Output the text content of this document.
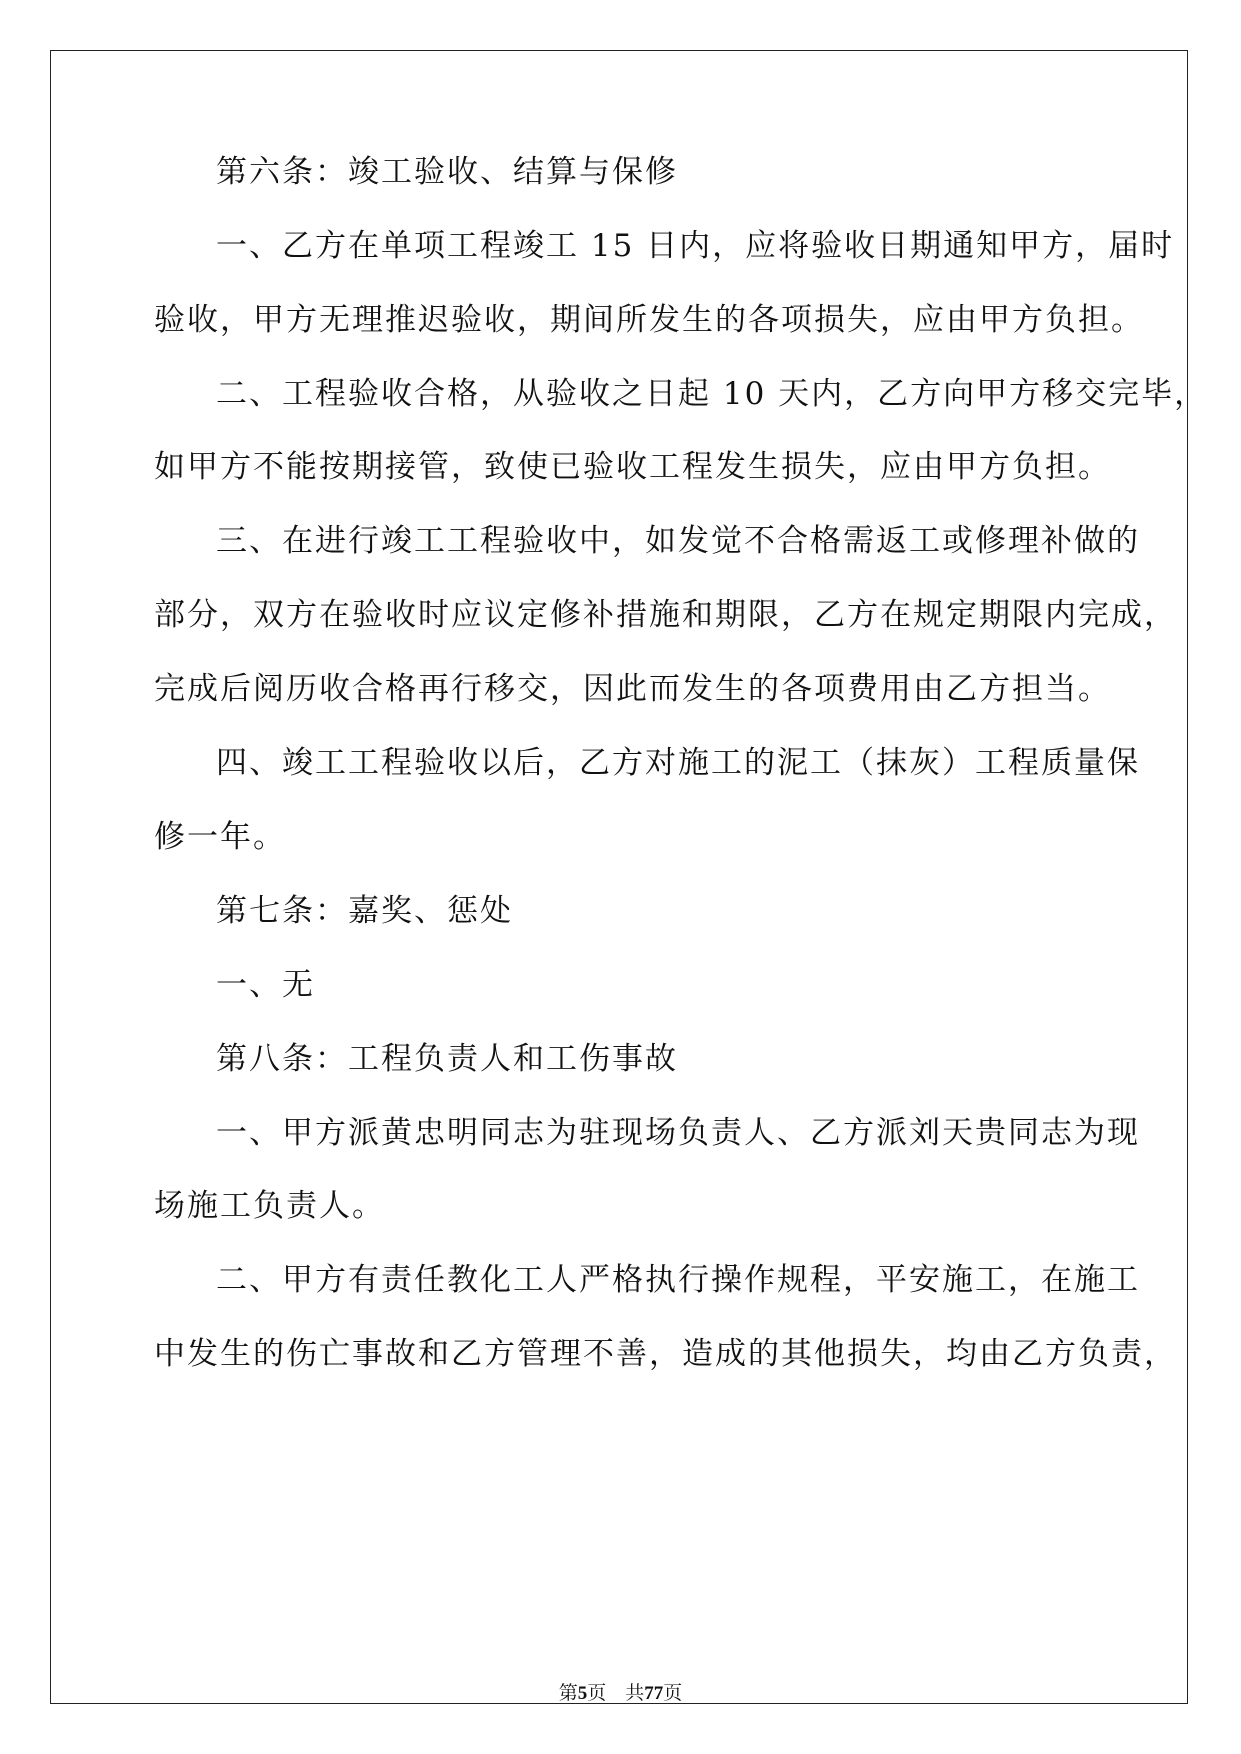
第六条：竣工验收、结算与保修
一、乙方在单项工程竣工 15 日内，应将验收日期通知甲方，届时
验收，甲方无理推迟验收，期间所发生的各项损失，应由甲方负担。
二、工程验收合格，从验收之日起 10 天内，乙方向甲方移交完毕，
如甲方不能按期接管，致使已验收工程发生损失，应由甲方负担。
三、在进行竣工工程验收中，如发觉不合格需返工或修理补做的
部分，双方在验收时应议定修补措施和期限，乙方在规定期限内完成，
完成后阅历收合格再行移交，因此而发生的各项费用由乙方担当。
四、竣工工程验收以后，乙方对施工的泥工（抹灰）工程质量保
修一年。
第七条：嘉奖、惩处
一、无
第八条：工程负责人和工伤事故
一、甲方派黄忠明同志为驻现场负责人、乙方派刘天贵同志为现
场施工负责人。
二、甲方有责任教化工人严格执行操作规程，平安施工，在施工
中发生的伤亡事故和乙方管理不善，造成的其他损失，均由乙方负责，
第5页　共77页
